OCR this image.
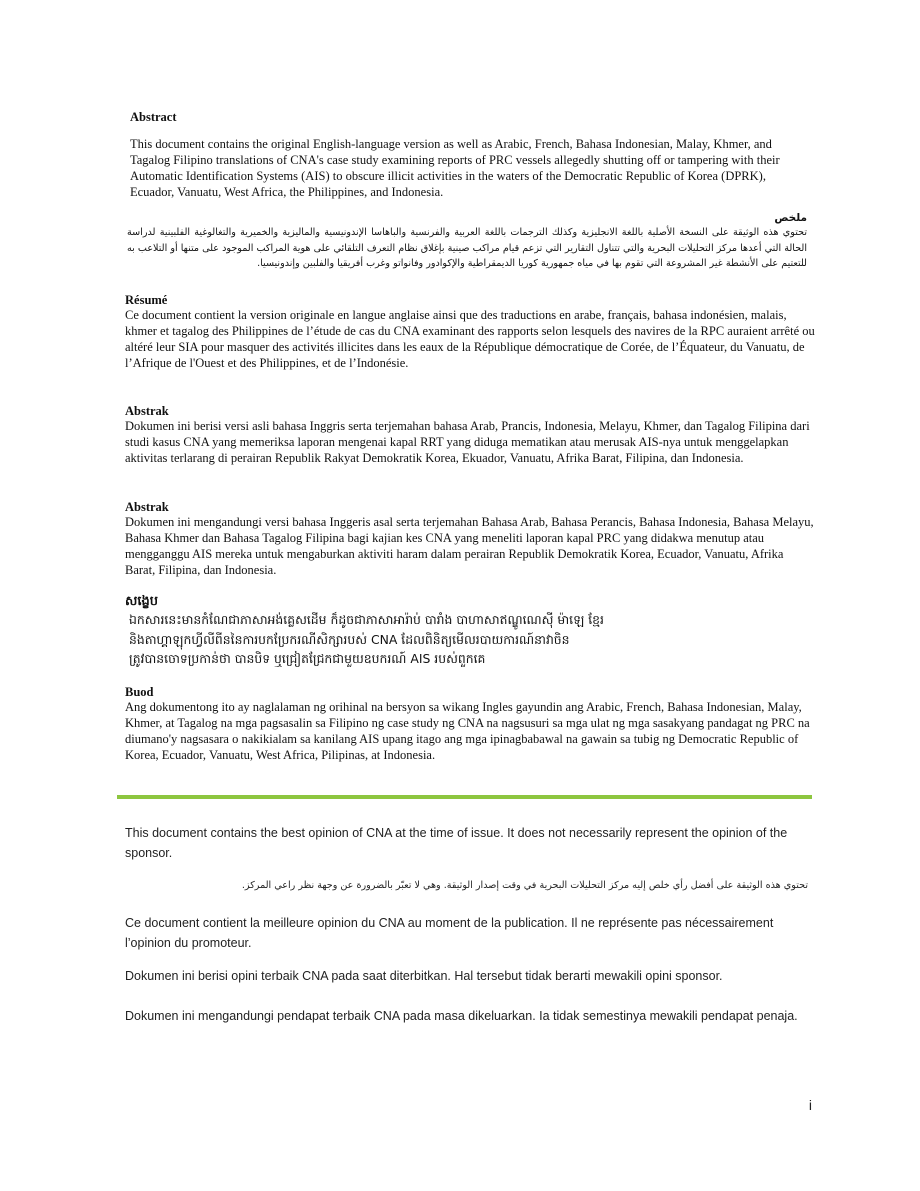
Abstract

This document contains the original English-language version as well as Arabic, French, Bahasa Indonesian, Malay, Khmer, and Tagalog Filipino translations of CNA's case study examining reports of PRC vessels allegedly shutting off or tampering with their Automatic Identification Systems (AIS) to obscure illicit activities in the waters of the Democratic Republic of Korea (DPRK), Ecuador, Vanuatu, West Africa, the Philippines, and Indonesia.

ملخص

تحتوي هذه الوثيقة على النسخة الأصلية باللغة الانجليزية وكذلك الترجمات باللغة العربية والفرنسية والباهاسا الإندونيسية والماليزية والخميرية والتغالوغية الفلبينية لدراسة الحالة التي أعدها مركز التحليلات البحرية والتي تتناول التقارير التي تزعم قيام مراكب صينية بإغلاق نظام التعرف التلقائي على هوية المراكب الموجود على متنها أو التلاعب به للتعتيم على الأنشطة غير المشروعة التي تقوم بها في مياه جمهورية كوريا الديمقراطية والإكوادور وفانواتو وغرب أفريقيا والفلبين وإندونيسيا.

Résumé

Ce document contient la version originale en langue anglaise ainsi que des traductions en arabe, français, bahasa indonésien, malais, khmer et tagalog des Philippines de l’étude de cas du CNA examinant des rapports selon lesquels des navires de la RPC auraient arrêté ou altéré leur SIA pour masquer des activités illicites dans les eaux de la République démocratique de Corée, de l’Équateur, du Vanuatu, de l’Afrique de l'Ouest et des Philippines, et de l’Indonésie.

Abstrak

Dokumen ini berisi versi asli bahasa Inggris serta terjemahan bahasa Arab, Prancis, Indonesia, Melayu, Khmer, dan Tagalog Filipina dari studi kasus CNA yang memeriksa laporan mengenai kapal RRT yang diduga mematikan atau merusak AIS-nya untuk menggelapkan aktivitas terlarang di perairan Republik Rakyat Demokratik Korea, Ekuador, Vanuatu, Afrika Barat, Filipina, dan Indonesia.

Abstrak

Dokumen ini mengandungi versi bahasa Inggeris asal serta terjemahan Bahasa Arab, Bahasa Perancis, Bahasa Indonesia, Bahasa Melayu, Bahasa Khmer dan Bahasa Tagalog Filipina bagi kajian kes CNA yang meneliti laporan kapal PRC yang didakwa menutup atau mengganggu AIS mereka untuk mengaburkan aktiviti haram dalam perairan Republik Demokratik Korea, Ecuador, Vanuatu, Afrika Barat, Filipina, dan Indonesia.

សង្ខេប

ឯកសារនេះមានកំណែជាភាសាអង់គ្លេសដើម ក៏ដូចជាភាសាអារ៉ាប់ បារាំង បាហាសាឥណ្ឌូណេស៊ី ម៉ាឡេ ខ្មែរ

និងតាហ្គាឡុកហ្វីលីពីននៃការបកប្រែករណីសិក្សារបស់ CNA ដែលពិនិត្យមើលរបាយការណ៍នាវាចិន

ត្រូវបានចោទប្រកាន់ថា បានបិទ ឬជ្រៀតជ្រែកជាមួយឧបករណ៍ AIS របស់ពួកគេ

Buod

Ang dokumentong ito ay naglalaman ng orihinal na bersyon sa wikang Ingles gayundin ang Arabic, French, Bahasa Indonesian, Malay, Khmer, at Tagalog na mga pagsasalin sa Filipino ng case study ng CNA na nagsusuri sa mga ulat ng mga sasakyang pandagat ng PRC na diumano'y nagsasara o nakikialam sa kanilang AIS upang itago ang mga ipinagbabawal na gawain sa tubig ng Democratic Republic of Korea, Ecuador, Vanuatu, West Africa, Pilipinas, at Indonesia.

This document contains the best opinion of CNA at the time of issue. It does not necessarily represent the opinion of the sponsor.

تحتوي هذه الوثيقة على أفضل رأي خلص إليه مركز التحليلات البحرية في وقت إصدار الوثيقة. وهي لا تعبّر بالضرورة عن وجهة نظر راعي المركز.

Ce document contient la meilleure opinion du CNA au moment de la publication. Il ne représente pas nécessairement l’opinion du promoteur.

Dokumen ini berisi opini terbaik CNA pada saat diterbitkan. Hal tersebut tidak berarti mewakili opini sponsor.

Dokumen ini mengandungi pendapat terbaik CNA pada masa dikeluarkan. Ia tidak semestinya mewakili pendapat penaja.

i
